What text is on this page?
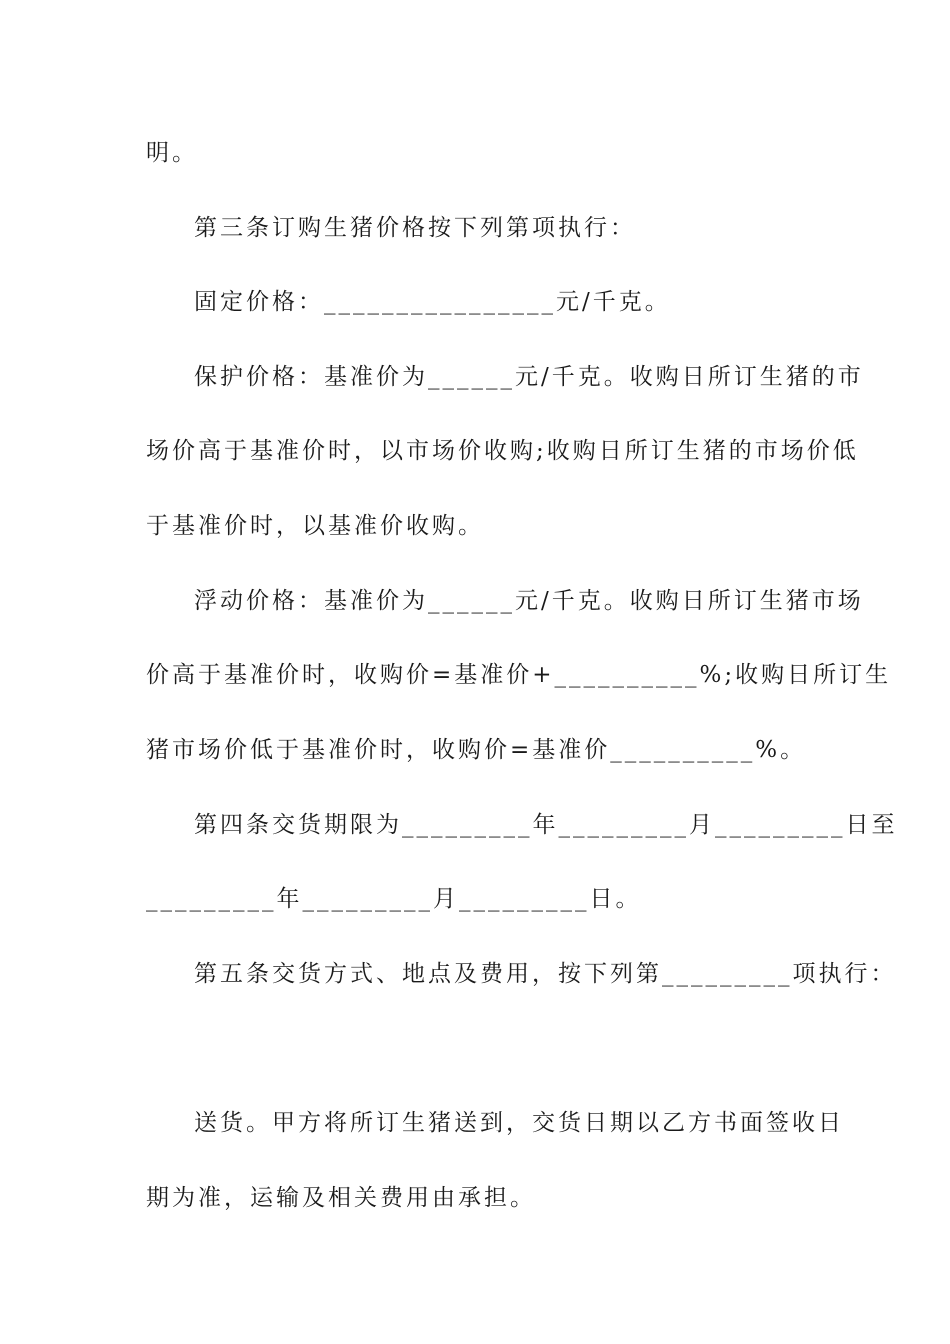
明。
第三条订购生猪价格按下列第项执行：
固定价格：________________元/千克。
保护价格：基准价为______元/千克。收购日所订生猪的市
场价高于基准价时，以市场价收购;收购日所订生猪的市场价低
于基准价时，以基准价收购。
浮动价格：基准价为______元/千克。收购日所订生猪市场
价高于基准价时，收购价=基准价+__________%;收购日所订生
猪市场价低于基准价时，收购价=基准价__________%。
第四条交货期限为_________年_________月_________日至
_________年_________月_________日。
第五条交货方式、地点及费用，按下列第_________项执行：
送货。甲方将所订生猪送到，交货日期以乙方书面签收日
期为准，运输及相关费用由承担。
